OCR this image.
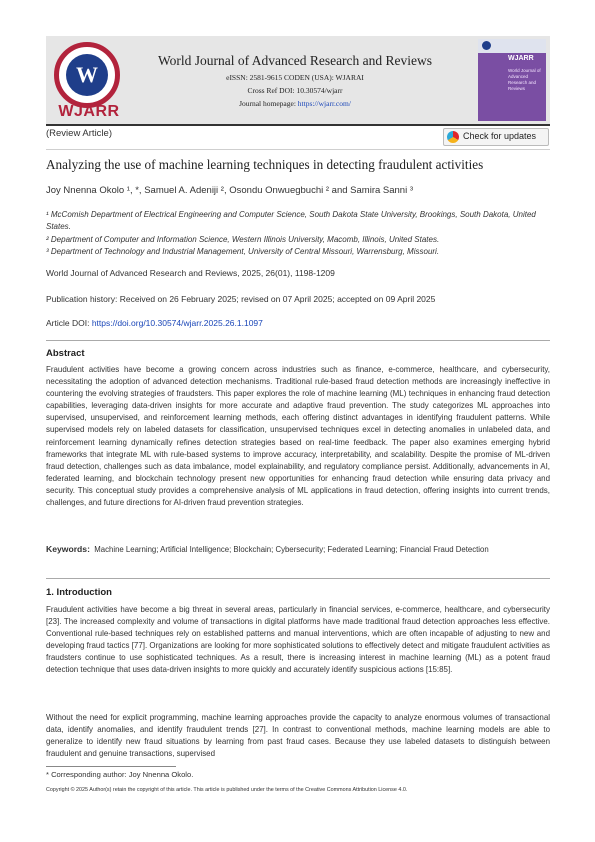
W
WJARR
World Journal of Advanced Research and Reviews
eISSN: 2581-9615 CODEN (USA): WJARAI
Cross Ref DOI: 10.30574/wjarr
Journal homepage: https://wjarr.com/
WJARR
World Journal of Advanced Research and Reviews
(Review Article)	Check for updates
Analyzing the use of machine learning techniques in detecting fraudulent activities
Joy Nnenna Okolo ¹, *, Samuel A. Adeniji ², Osondu Onwuegbuchi ² and Samira Sanni ³
¹ McComish Department of Electrical Engineering and Computer Science, South Dakota State University, Brookings, South Dakota, United States.
² Department of Computer and Information Science, Western Illinois University, Macomb, Illinois, United States.
³ Department of Technology and Industrial Management, University of Central Missouri, Warrensburg, Missouri.
World Journal of Advanced Research and Reviews, 2025, 26(01), 1198-1209
Publication history: Received on 26 February 2025; revised on 07 April 2025; accepted on 09 April 2025
Article DOI: https://doi.org/10.30574/wjarr.2025.26.1.1097
Abstract
Fraudulent activities have become a growing concern across industries such as finance, e-commerce, healthcare, and cybersecurity, necessitating the adoption of advanced detection mechanisms. Traditional rule-based fraud detection methods are increasingly ineffective in countering the evolving strategies of fraudsters. This paper explores the role of machine learning (ML) techniques in enhancing fraud detection capabilities, leveraging data-driven insights for more accurate and adaptive fraud prevention. The study categorizes ML approaches into supervised, unsupervised, and reinforcement learning methods, each offering distinct advantages in identifying fraudulent patterns. While supervised models rely on labeled datasets for classification, unsupervised techniques excel in detecting anomalies in unlabeled data, and reinforcement learning dynamically refines detection strategies based on real-time feedback. The paper also examines emerging hybrid frameworks that integrate ML with rule-based systems to improve accuracy, interpretability, and scalability. Despite the promise of ML-driven fraud detection, challenges such as data imbalance, model explainability, and regulatory compliance persist. Additionally, advancements in AI, federated learning, and blockchain technology present new opportunities for enhancing fraud detection while ensuring data privacy and security. This conceptual study provides a comprehensive analysis of ML applications in fraud detection, offering insights into current trends, challenges, and future directions for AI-driven fraud prevention strategies.
Keywords: Machine Learning; Artificial Intelligence; Blockchain; Cybersecurity; Federated Learning; Financial Fraud Detection
1. Introduction
Fraudulent activities have become a big threat in several areas, particularly in financial services, e-commerce, healthcare, and cybersecurity [23]. The increased complexity and volume of transactions in digital platforms have made traditional fraud detection approaches less effective. Conventional rule-based techniques rely on established patterns and manual interventions, which are often incapable of adjusting to new and developing fraud tactics [77]. Organizations are looking for more sophisticated solutions to effectively detect and mitigate fraudulent activities as fraudsters continue to use sophisticated techniques. As a result, there is increasing interest in machine learning (ML) as a potent fraud detection technique that uses data-driven insights to more quickly and accurately identify suspicious actions [15:85].
Without the need for explicit programming, machine learning approaches provide the capacity to analyze enormous volumes of transactional data, identify anomalies, and identify fraudulent trends [27]. In contrast to conventional methods, machine learning models are able to generalize to identify new fraud situations by learning from past fraud cases. Because they use labeled datasets to distinguish between fraudulent and genuine transactions, supervised
* Corresponding author: Joy Nnenna Okolo.
Copyright © 2025 Author(s) retain the copyright of this article. This article is published under the terms of the Creative Commons Attribution License 4.0.
